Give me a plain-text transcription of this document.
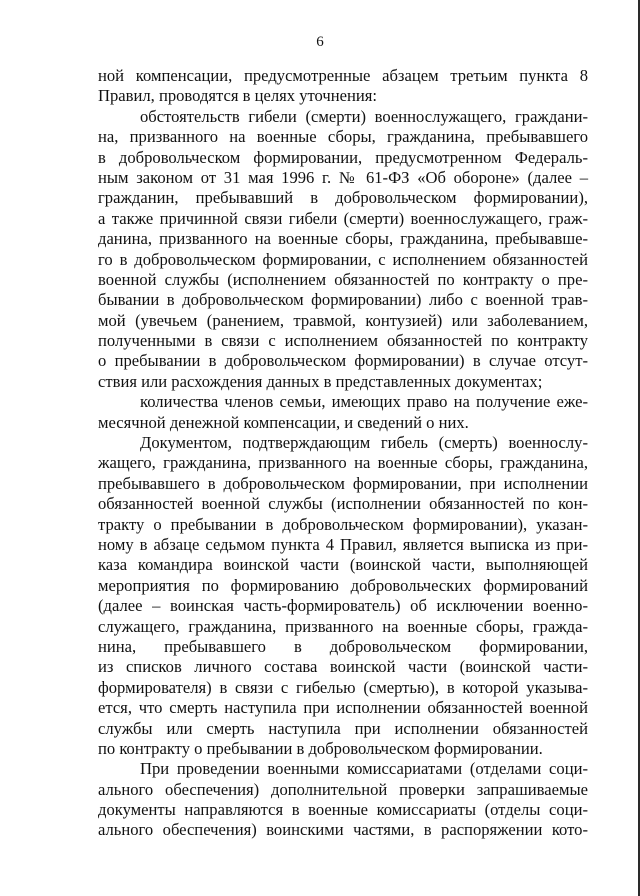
6
ной компенсации, предусмотренные абзацем третьим пункта 8
Правил, проводятся в целях уточнения:
обстоятельств гибели (смерти) военнослужащего, граждани-
на, призванного на военные сборы, гражданина, пребывавшего
в добровольческом формировании, предусмотренном Федераль-
ным законом от 31 мая 1996 г. № 61-ФЗ «Об обороне» (далее –
гражданин, пребывавший в добровольческом формировании),
а также причинной связи гибели (смерти) военнослужащего, граж-
данина, призванного на военные сборы, гражданина, пребывавше-
го в добровольческом формировании, с исполнением обязанностей
военной службы (исполнением обязанностей по контракту о пре-
бывании в добровольческом формировании) либо с военной трав-
мой (увечьем (ранением, травмой, контузией) или заболеванием,
полученными в связи с исполнением обязанностей по контракту
о пребывании в добровольческом формировании) в случае отсут-
ствия или расхождения данных в представленных документах;
количества членов семьи, имеющих право на получение еже-
месячной денежной компенсации, и сведений о них.
Документом, подтверждающим гибель (смерть) военнослу-
жащего, гражданина, призванного на военные сборы, гражданина,
пребывавшего в добровольческом формировании, при исполнении
обязанностей военной службы (исполнении обязанностей по кон-
тракту о пребывании в добровольческом формировании), указан-
ному в абзаце седьмом пункта 4 Правил, является выписка из при-
каза командира воинской части (воинской части, выполняющей
мероприятия по формированию добровольческих формирований
(далее – воинская часть-формирователь) об исключении военно-
служащего, гражданина, призванного на военные сборы, гражда-
нина, пребывавшего в добровольческом формировании,
из списков личного состава воинской части (воинской части-
формирователя) в связи с гибелью (смертью), в которой указыва-
ется, что смерть наступила при исполнении обязанностей военной
службы или смерть наступила при исполнении обязанностей
по контракту о пребывании в добровольческом формировании.
При проведении военными комиссариатами (отделами соци-
ального обеспечения) дополнительной проверки запрашиваемые
документы направляются в военные комиссариаты (отделы соци-
ального обеспечения) воинскими частями, в распоряжении кото-
